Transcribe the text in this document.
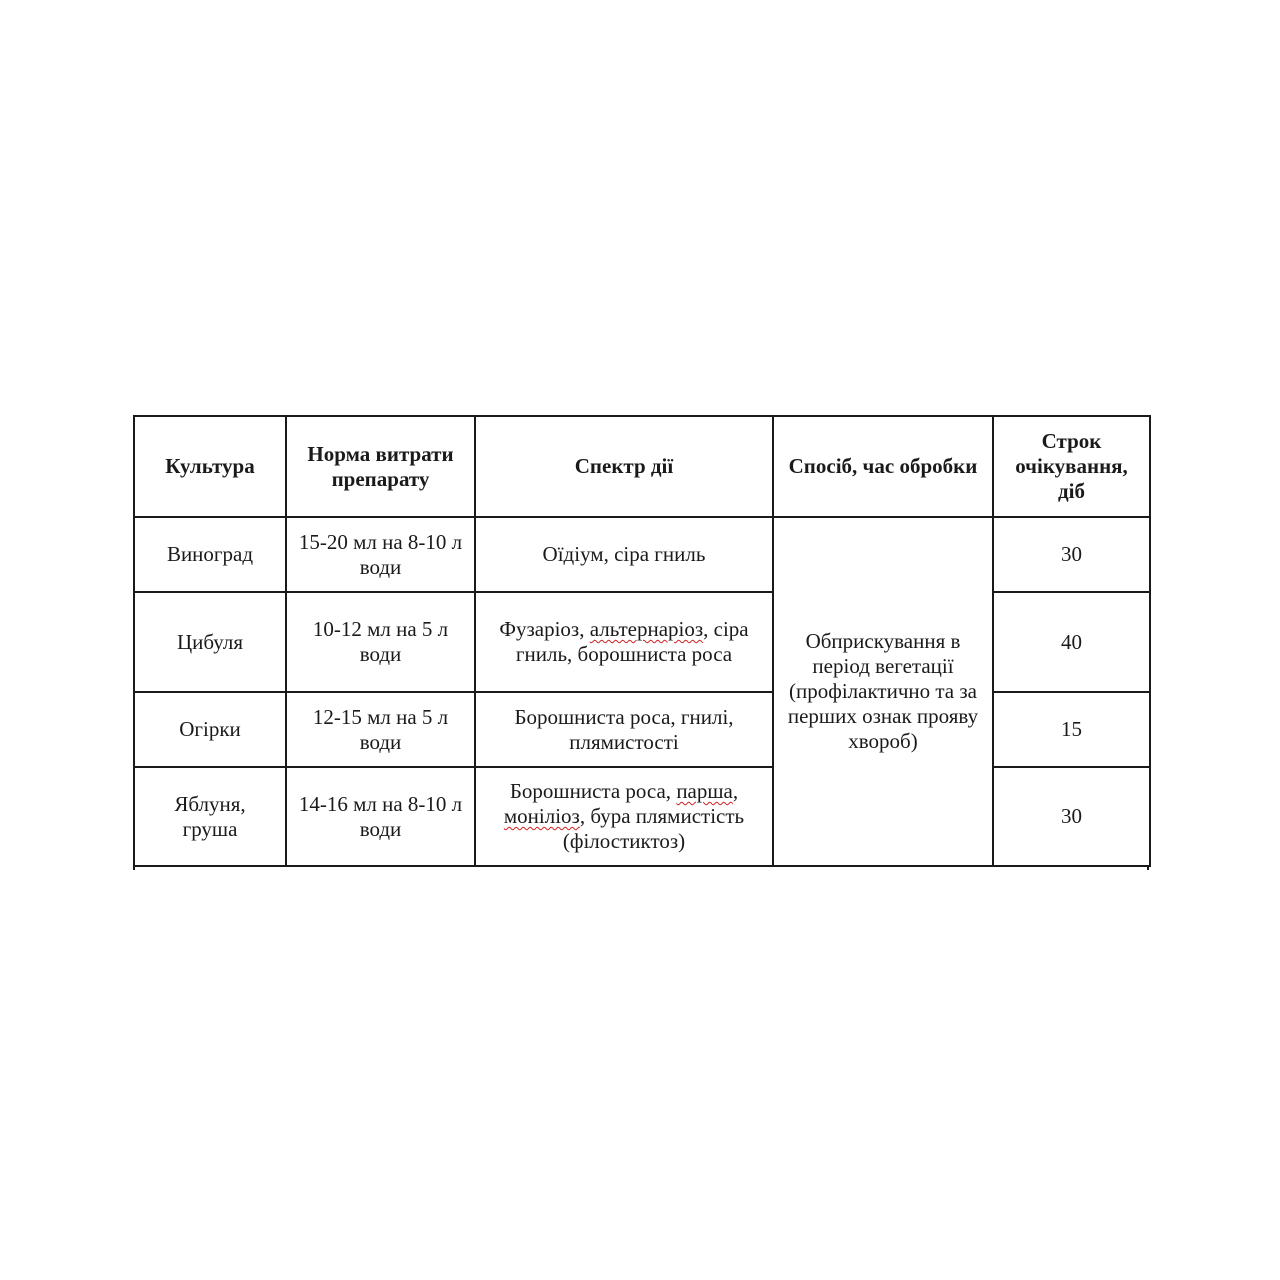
Культура	Норма витрати препарату	Спектр дії	Спосіб, час обробки	Строк очікування, діб
Виноград	15-20 мл на 8-10 л води	Оїдіум, сіра гниль	Обприскування в період вегетації (профілактично та за перших ознак прояву хвороб)	30
Цибуля	10-12 мл на 5 л води	Фузаріоз, альтернаріоз, сіра гниль, борошниста роса		40
Огірки	12-15 мл на 5 л води	Борошниста роса, гнилі, плямистості		15
Яблуня, груша	14-16 мл на 8-10 л води	Борошниста роса, парша, моніліоз, бура плямистість (філостиктоз)		30
